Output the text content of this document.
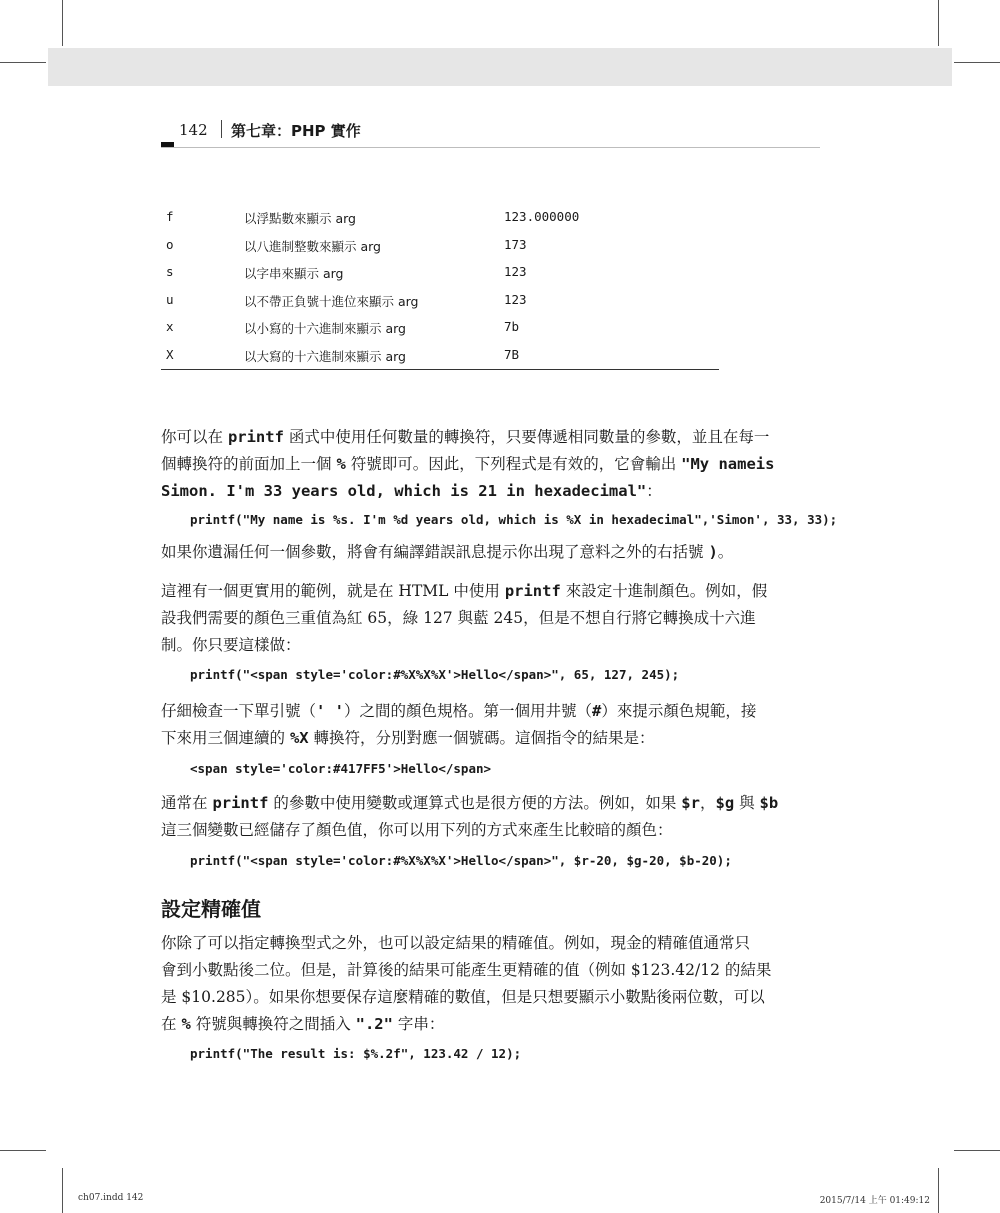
142 第七章：PHP 實作
f	以浮點數來顯示 arg	123.000000
o	以八進制整數來顯示 arg	173
s	以字串來顯示 arg	123
u	以不帶正負號十進位來顯示 arg	123
x	以小寫的十六進制來顯示 arg	7b
X	以大寫的十六進制來顯示 arg	7B
你可以在 printf 函式中使用任何數量的轉換符，只要傳遞相同數量的參數，並且在每一
個轉換符的前面加上一個 % 符號即可。因此，下列程式是有效的，它會輸出 "My nameis
Simon. I'm 33 years old, which is 21 in hexadecimal"：
printf("My name is %s. I'm %d years old, which is %X in hexadecimal",'Simon', 33, 33);
如果你遺漏任何一個參數，將會有編譯錯誤訊息提示你出現了意料之外的右括號 )。
這裡有一個更實用的範例，就是在 HTML 中使用 printf 來設定十進制顏色。例如，假
設我們需要的顏色三重值為紅 65，綠 127 與藍 245，但是不想自行將它轉換成十六進
制。你只要這樣做：
printf("<span style='color:#%X%X%X'>Hello</span>", 65, 127, 245);
仔細檢查一下單引號（' '）之間的顏色規格。第一個用井號（#）來提示顏色規範，接
下來用三個連續的 %X 轉換符，分別對應一個號碼。這個指令的結果是：
<span style='color:#417FF5'>Hello</span>
通常在 printf 的參數中使用變數或運算式也是很方便的方法。例如，如果 $r，$g 與 $b
這三個變數已經儲存了顏色值，你可以用下列的方式來產生比較暗的顏色：
printf("<span style='color:#%X%X%X'>Hello</span>", $r-20, $g-20, $b-20);
設定精確值
你除了可以指定轉換型式之外，也可以設定結果的精確值。例如，現金的精確值通常只
會到小數點後二位。但是，計算後的結果可能產生更精確的值（例如 $123.42/12 的結果
是 $10.285）。如果你想要保存這麼精確的數值，但是只想要顯示小數點後兩位數，可以
在 % 符號與轉換符之間插入 ".2" 字串：
printf("The result is: $%.2f", 123.42 / 12);
ch07.indd 142	2015/7/14 上午 01:49:12
